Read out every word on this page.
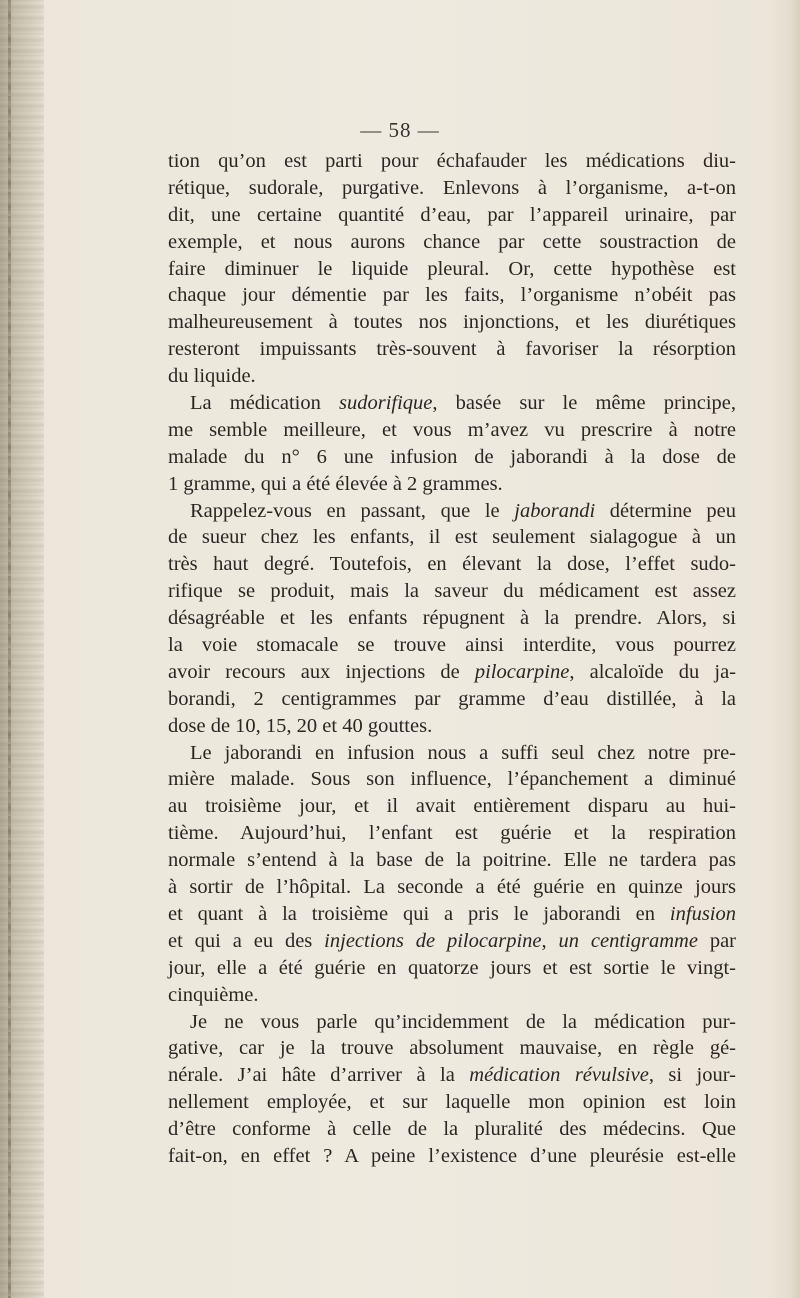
— 58 —
tion qu’on est parti pour échafauder les médications diu-
rétique, sudorale, purgative. Enlevons à l’organisme, a-t-on
dit, une certaine quantité d’eau, par l’appareil urinaire, par
exemple, et nous aurons chance par cette soustraction de
faire diminuer le liquide pleural. Or, cette hypothèse est
chaque jour démentie par les faits, l’organisme n’obéit pas
malheureusement à toutes nos injonctions, et les diurétiques
resteront impuissants très-souvent à favoriser la résorption
du liquide.
La médication sudorifique, basée sur le même principe,
me semble meilleure, et vous m’avez vu prescrire à notre
malade du n° 6 une infusion de jaborandi à la dose de
1 gramme, qui a été élevée à 2 grammes.
Rappelez-vous en passant, que le jaborandi détermine peu
de sueur chez les enfants, il est seulement sialagogue à un
très haut degré. Toutefois, en élevant la dose, l’effet sudo-
rifique se produit, mais la saveur du médicament est assez
désagréable et les enfants répugnent à la prendre. Alors, si
la voie stomacale se trouve ainsi interdite, vous pourrez
avoir recours aux injections de pilocarpine, alcaloïde du ja-
borandi, 2 centigrammes par gramme d’eau distillée, à la
dose de 10, 15, 20 et 40 gouttes.
Le jaborandi en infusion nous a suffi seul chez notre pre-
mière malade. Sous son influence, l’épanchement a diminué
au troisième jour, et il avait entièrement disparu au hui-
tième. Aujourd’hui, l’enfant est guérie et la respiration
normale s’entend à la base de la poitrine. Elle ne tardera pas
à sortir de l’hôpital. La seconde a été guérie en quinze jours
et quant à la troisième qui a pris le jaborandi en infusion
et qui a eu des injections de pilocarpine, un centigramme par
jour, elle a été guérie en quatorze jours et est sortie le vingt-
cinquième.
Je ne vous parle qu’incidemment de la médication pur-
gative, car je la trouve absolument mauvaise, en règle gé-
nérale. J’ai hâte d’arriver à la médication révulsive, si jour-
nellement employée, et sur laquelle mon opinion est loin
d’être conforme à celle de la pluralité des médecins. Que
fait-on, en effet ? A peine l’existence d’une pleurésie est-elle
